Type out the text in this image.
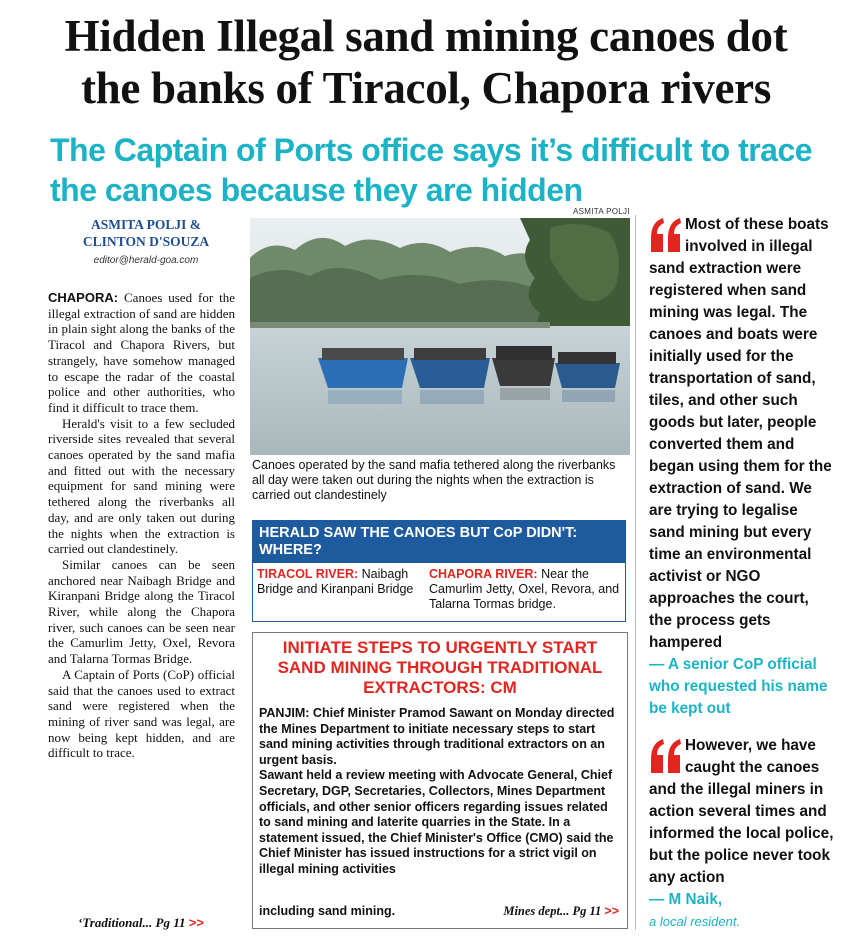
Hidden Illegal sand mining canoes dot
the banks of Tiracol, Chapora rivers
The Captain of Ports office says it’s difficult to trace the canoes because they are hidden
ASMITA POLJI &
CLINTON D'SOUZA
editor@herald-goa.com

CHAPORA: Canoes used for the illegal extraction of sand are hidden in plain sight along the banks of the Tiracol and Chapora Rivers, but strangely, have somehow managed to escape the radar of the coastal police and other authorities, who find it difficult to trace them.

Herald's visit to a few secluded riverside sites revealed that several canoes operated by the sand mafia and fitted out with the necessary equipment for sand mining were tethered along the riverbanks all day, and are only taken out during the nights when the extraction is carried out clandestinely.

Similar canoes can be seen anchored near Naibagh Bridge and Kiranpani Bridge along the Tiracol River, while along the Chapora river, such canoes can be seen near the Camurlim Jetty, Oxel, Revora and Talarna Tormas Bridge.

A Captain of Ports (CoP) official said that the canoes used to extract sand were registered when the mining of river sand was legal, are now being kept hidden, and are difficult to trace.

‘Traditional... Pg 11 >>
ASMITA POLJI
Canoes operated by the sand mafia tethered along the riverbanks all day were taken out during the nights when the extraction is carried out clandestinely
HERALD SAW THE CANOES BUT CoP DIDN'T: WHERE?
TIRACOL RIVER: Naibagh Bridge and Kiranpani Bridge
CHAPORA RIVER: Near the Camurlim Jetty, Oxel, Revora, and Talarna Tormas bridge.
INITIATE STEPS TO URGENTLY START SAND MINING THROUGH TRADITIONAL EXTRACTORS: CM

PANJIM: Chief Minister Pramod Sawant on Monday directed the Mines Department to initiate necessary steps to start sand mining activities through traditional extractors on an urgent basis.

Sawant held a review meeting with Advocate General, Chief Secretary, DGP, Secretaries, Collectors, Mines Department officials, and other senior officers regarding issues related to sand mining and laterite quarries in the State. In a statement issued, the Chief Minister's Office (CMO) said the Chief Minister has issued instructions for a strict vigil on illegal mining activities

including sand mining.	Mines dept... Pg 11 >>
Most of these boats involved in illegal sand extraction were registered when sand mining was legal. The canoes and boats were initially used for the transportation of sand, tiles, and other such goods but later, people converted them and began using them for the extraction of sand. We are trying to legalise sand mining but every time an environmental activist or NGO approaches the court, the process gets hampered
— A senior CoP official who requested his name be kept out
However, we have caught the canoes and the illegal miners in action several times and informed the local police, but the police never took any action
— M Naik,
a local resident.
